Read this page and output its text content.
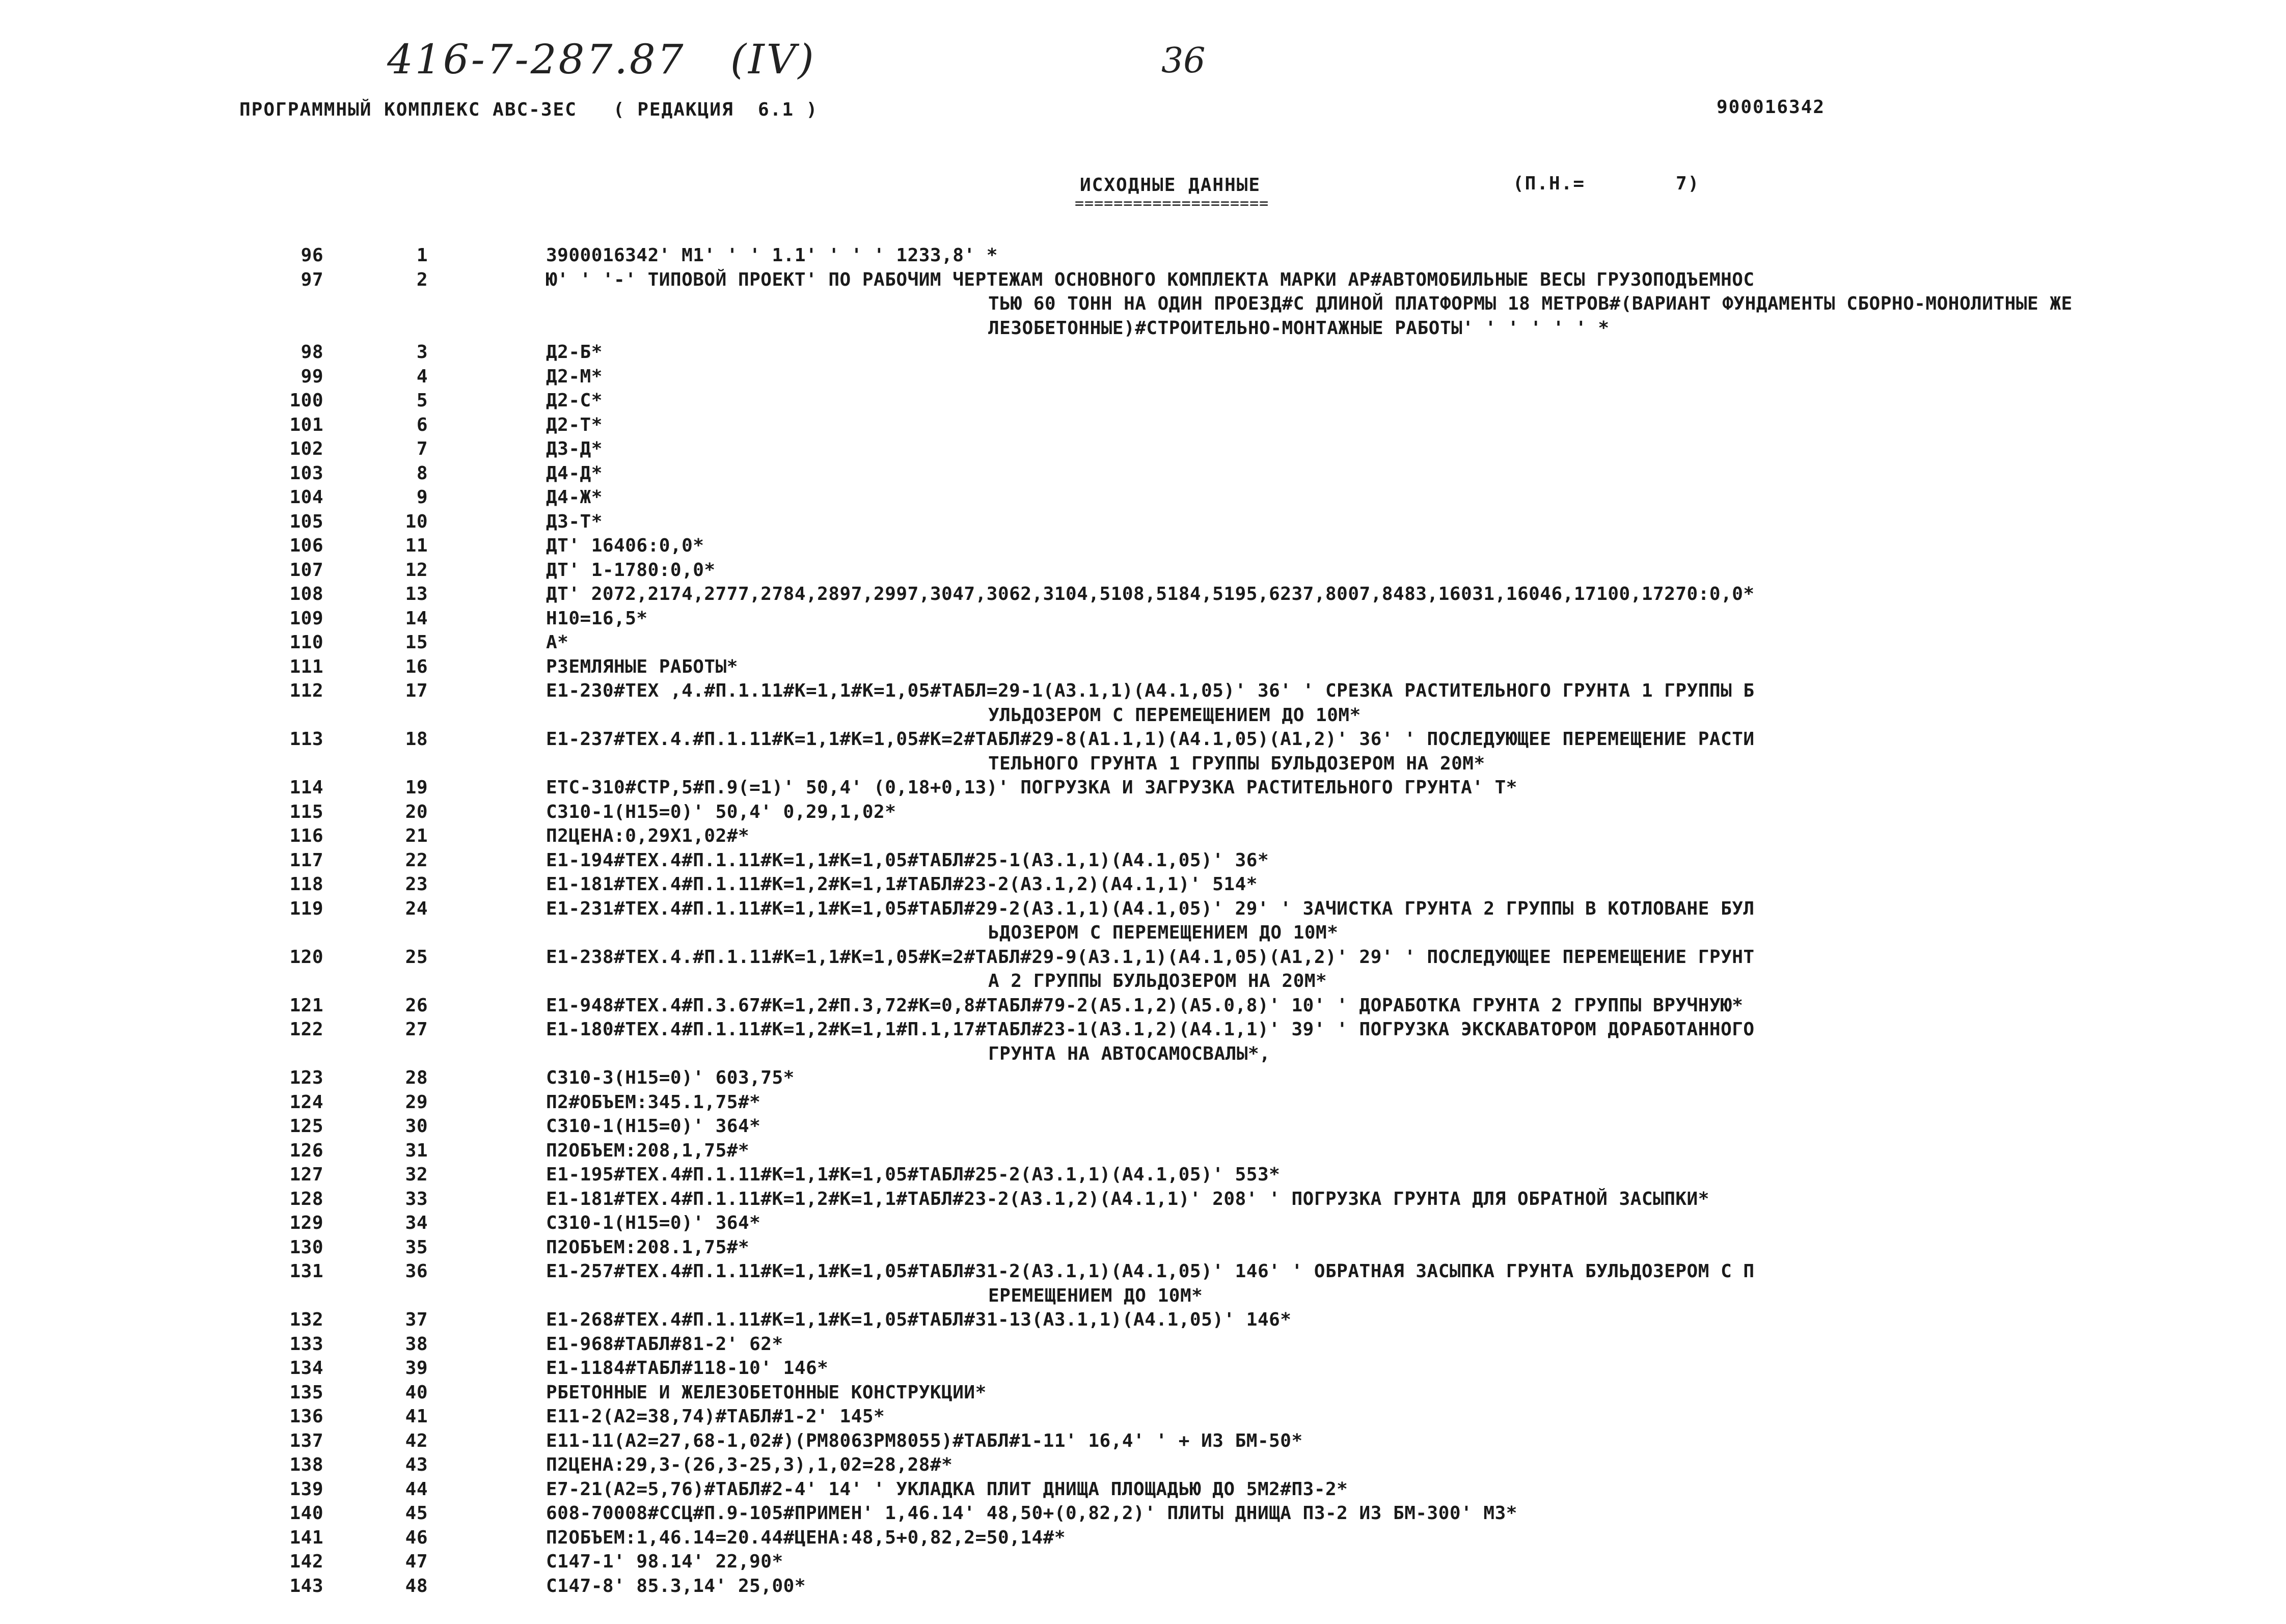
416-7-287.87 (IV)	36
ПРОГРАММНЫЙ КОМПЛЕКС АВС-ЗЕС   ( РЕДАКЦИЯ  6.1 )	900016342
ИСХОДНЫЕ ДАННЫЕ
====================
(П.Н.=	7)
96	1	3900016342' М1' ' ' 1.1' ' ' ' 1233,8' *
97	2	Ю' ' '-' ТИПОВОЙ ПРОЕКТ' ПО РАБОЧИМ ЧЕРТЕЖАМ ОСНОВНОГО КОМПЛЕКТА МАРКИ АР#АВТОМОБИЛЬНЫЕ ВЕСЫ ГРУЗОПОДЪЕМНОС
ТЬЮ 60 ТОНН НА ОДИН ПРОЕЗД#С ДЛИНОЙ ПЛАТФОРМЫ 18 МЕТРОВ#(ВАРИАНТ ФУНДАМЕНТЫ СБОРНО-МОНОЛИТНЫЕ ЖЕ
ЛЕЗОБЕТОННЫЕ)#СТРОИТЕЛЬНО-МОНТАЖНЫЕ РАБОТЫ' ' ' ' ' ' *
98	3	Д2-Б*
99	4	Д2-М*
100	5	Д2-С*
101	6	Д2-Т*
102	7	Д3-Д*
103	8	Д4-Д*
104	9	Д4-Ж*
105	10	Д3-Т*
106	11	ДТ' 16406:0,0*
107	12	ДТ' 1-1780:0,0*
108	13	ДТ' 2072,2174,2777,2784,2897,2997,3047,3062,3104,5108,5184,5195,6237,8007,8483,16031,16046,17100,17270:0,0*
109	14	Н10=16,5*
110	15	А*
111	16	РЗЕМЛЯНЫЕ РАБОТЫ*
112	17	Е1-230#ТЕХ ,4.#П.1.11#К=1,1#К=1,05#ТАБЛ=29-1(А3.1,1)(А4.1,05)' 36' ' СРЕЗКА РАСТИТЕЛЬНОГО ГРУНТА 1 ГРУППЫ Б
УЛЬДОЗЕРОМ С ПЕРЕМЕЩЕНИЕМ ДО 10М*
113	18	Е1-237#ТЕХ.4.#П.1.11#К=1,1#К=1,05#К=2#ТАБЛ#29-8(А1.1,1)(А4.1,05)(А1,2)' 36' ' ПОСЛЕДУЮЩЕЕ ПЕРЕМЕЩЕНИЕ РАСТИ
ТЕЛЬНОГО ГРУНТА 1 ГРУППЫ БУЛЬДОЗЕРОМ НА 20М*
114	19	ЕТС-310#СТР,5#П.9(=1)' 50,4' (0,18+0,13)' ПОГРУЗКА И ЗАГРУЗКА РАСТИТЕЛЬНОГО ГРУНТА' Т*
115	20	С310-1(Н15=0)' 50,4' 0,29,1,02*
116	21	П2ЦЕНА:0,29Х1,02#*
117	22	Е1-194#ТЕХ.4#П.1.11#К=1,1#К=1,05#ТАБЛ#25-1(А3.1,1)(А4.1,05)' 36*
118	23	Е1-181#ТЕХ.4#П.1.11#К=1,2#К=1,1#ТАБЛ#23-2(А3.1,2)(А4.1,1)' 514*
119	24	Е1-231#ТЕХ.4#П.1.11#К=1,1#К=1,05#ТАБЛ#29-2(А3.1,1)(А4.1,05)' 29' ' ЗАЧИСТКА ГРУНТА 2 ГРУППЫ В КОТЛОВАНЕ БУЛ
ЬДОЗЕРОМ С ПЕРЕМЕЩЕНИЕМ ДО 10М*
120	25	Е1-238#ТЕХ.4.#П.1.11#К=1,1#К=1,05#К=2#ТАБЛ#29-9(А3.1,1)(А4.1,05)(А1,2)' 29' ' ПОСЛЕДУЮЩЕЕ ПЕРЕМЕЩЕНИЕ ГРУНТ
А 2 ГРУППЫ БУЛЬДОЗЕРОМ НА 20М*
121	26	Е1-948#ТЕХ.4#П.3.67#К=1,2#П.3,72#К=0,8#ТАБЛ#79-2(А5.1,2)(А5.0,8)' 10' ' ДОРАБОТКА ГРУНТА 2 ГРУППЫ ВРУЧНУЮ*
122	27	Е1-180#ТЕХ.4#П.1.11#К=1,2#К=1,1#П.1,17#ТАБЛ#23-1(А3.1,2)(А4.1,1)' 39' ' ПОГРУЗКА ЭКСКАВАТОРОМ ДОРАБОТАННОГО
ГРУНТА НА АВТОСАМОСВАЛЫ*,
123	28	С310-3(Н15=0)' 603,75*
124	29	П2#ОБЪЕМ:345.1,75#*
125	30	С310-1(Н15=0)' 364*
126	31	П2ОБЪЕМ:208,1,75#*
127	32	Е1-195#ТЕХ.4#П.1.11#К=1,1#К=1,05#ТАБЛ#25-2(А3.1,1)(А4.1,05)' 553*
128	33	Е1-181#ТЕХ.4#П.1.11#К=1,2#К=1,1#ТАБЛ#23-2(А3.1,2)(А4.1,1)' 208' ' ПОГРУЗКА ГРУНТА ДЛЯ ОБРАТНОЙ ЗАСЫПКИ*
129	34	С310-1(Н15=0)' 364*
130	35	П2ОБЪЕМ:208.1,75#*
131	36	Е1-257#ТЕХ.4#П.1.11#К=1,1#К=1,05#ТАБЛ#31-2(А3.1,1)(А4.1,05)' 146' ' ОБРАТНАЯ ЗАСЫПКА ГРУНТА БУЛЬДОЗЕРОМ С П
ЕРЕМЕЩЕНИЕМ ДО 10М*
132	37	Е1-268#ТЕХ.4#П.1.11#К=1,1#К=1,05#ТАБЛ#31-13(А3.1,1)(А4.1,05)' 146*
133	38	Е1-968#ТАБЛ#81-2' 62*
134	39	Е1-1184#ТАБЛ#118-10' 146*
135	40	РБЕТОННЫЕ И ЖЕЛЕЗОБЕТОННЫЕ КОНСТРУКЦИИ*
136	41	Е11-2(А2=38,74)#ТАБЛ#1-2' 145*
137	42	Е11-11(А2=27,68-1,02#)(РМ8063РМ8055)#ТАБЛ#1-11' 16,4' ' + ИЗ БМ-50*
138	43	П2ЦЕНА:29,3-(26,3-25,3),1,02=28,28#*
139	44	Е7-21(А2=5,76)#ТАБЛ#2-4' 14' ' УКЛАДКА ПЛИТ ДНИЩА ПЛОЩАДЬЮ ДО 5М2#П3-2*
140	45	608-70008#ССЦ#П.9-105#ПРИМЕН' 1,46.14' 48,50+(0,82,2)' ПЛИТЫ ДНИЩА П3-2 ИЗ БМ-300' М3*
141	46	П2ОБЪЕМ:1,46.14=20.44#ЦЕНА:48,5+0,82,2=50,14#*
142	47	С147-1' 98.14' 22,90*
143	48	С147-8' 85.3,14' 25,00*
